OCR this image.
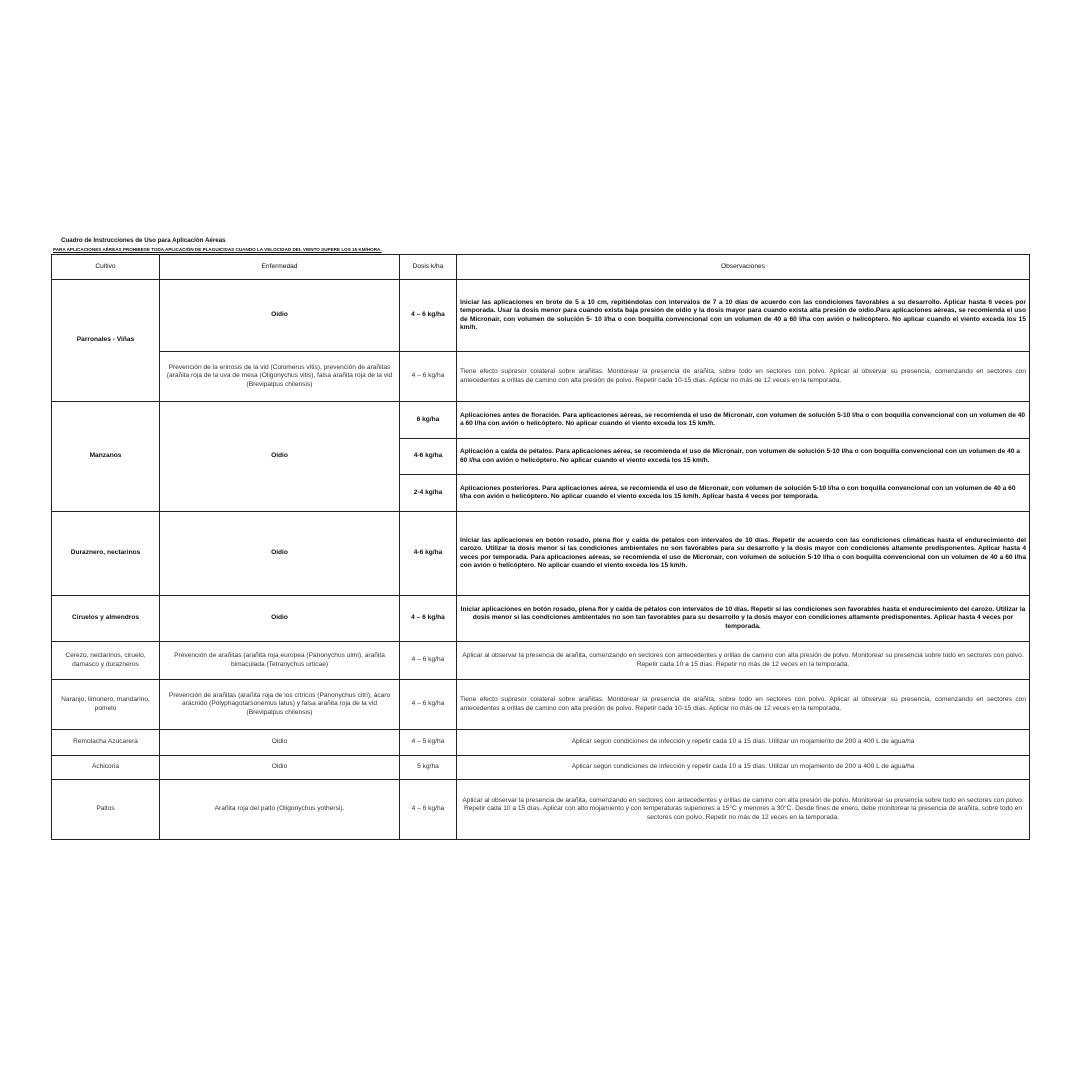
Cuadro de Instrucciones de Uso para Aplicación Aéreas
PARA APLICACIONES AÉREAS PROHIBESE TODA APLICACIÓN DE PLAGUICIDAS CUANDO LA VELOCIDAD DEL VIENTO SUPERE LOS 15 KM/HORA.
Cultivo	Enfermedad	Dosis k/ha	Observaciones
Parronales - Viñas	Oidio	4 – 6 kg/ha	Iniciar las aplicaciones en brote de 5 a 10 cm, repitiéndolas con intervalos de 7 a 10 días de acuerdo con las condiciones favorables a su desarrollo. Aplicar hasta 6 veces por temporada. Usar la dosis menor para cuando exista baja presión de oidio y la dosis mayor para cuando exista alta presión de oidio.Para aplicaciones aéreas, se recomienda el uso de Micronair, con volumen de solución 5- 10 l/ha o con boquilla convencional con un volumen de 40 a 60 l/ha con avión o helicóptero. No aplicar cuando el viento exceda los 15 km/h.
	Prevención de la erinosis de la vid (Colomerus vitis), prevención de arañitas (arañita roja de la uva de mesa (Oligonychus vitis), falsa arañita roja de la vid (Brevipalpus chilensis)	4 – 6 kg/ha	Tiene efecto supresor colateral sobre arañitas. Monitorear la presencia de arañita, sobre todo en sectores con polvo. Aplicar al observar su presencia, comenzando en sectores con antecedentes a orillas de camino con alta presión de polvo. Repetir cada 10-15 días. Aplicar no más de 12 veces en la temporada.
Manzanos	Oidio	6 kg/ha	Aplicaciones antes de floración. Para aplicaciones aéreas, se recomienda el uso de Micronair, con volumen de solución 5-10 l/ha o con boquilla convencional con un volumen de 40 a 60 l/ha con avión o helicóptero. No aplicar cuando el viento exceda los 15 km/h.
		4-6 kg/ha	Aplicación a caída de pétalos. Para aplicaciones aérea, se recomienda el uso de Micronair, con volumen de solución 5-10 l/ha o con boquilla convencional con un volumen de 40 a 60 l/ha con avión o helicóptero. No aplicar cuando el viento exceda los 15 km/h.
		2-4 kg/ha	Aplicaciones posteriores. Para aplicaciones aérea, se recomienda el uso de Micronair, con volumen de solución 5-10 l/ha o con boquilla convencional con un volumen de 40 a 60 l/ha con avión o helicóptero. No aplicar cuando el viento exceda los 15 km/h. Aplicar hasta 4 veces por temporada.
Duraznero, nectarinos	Oidio	4-6 kg/ha	Iniciar las aplicaciones en botón rosado, plena flor y caída de pétalos con intervalos de 10 días. Repetir de acuerdo con las condiciones climáticas hasta el endurecimiento del carozo. Utilizar la dosis menor si las condiciones ambientales no son favorables para su desarrollo y la dosis mayor con condiciones altamente predisponentes. Aplicar hasta 4 veces por temporada. Para aplicaciones aéreas, se recomienda el uso de Micronair, con volumen de solución 5-10 l/ha o con boquilla convencional con un volumen de 40 a 60 l/ha con avión o helicóptero. No aplicar cuando el viento exceda los 15 km/h.
Ciruelos y almendros	Oidio	4 – 6 kg/ha	Iniciar aplicaciones en botón rosado, plena flor y caída de pétalos con intervalos de 10 días. Repetir si las condiciones son favorables hasta el endurecimiento del carozo. Utilizar la dosis menor si las condiciones ambientales no son tan favorables para su desarrollo y la dosis mayor con condiciones altamente predisponentes. Aplicar hasta 4 veces por temporada.
Cerezo, nectarinos, ciruelo, damasco y durazneros	Prevención de arañitas (arañita roja europea (Panonychus ulmi), arañita bimaculada (Tetranychus urticae)	4 – 6 kg/ha	Aplicar al observar la presencia de arañita, comenzando en sectores con antecedentes y orillas de camino con alta presión de polvo. Monitorear su presencia sobre todo en sectores con polvo. Repetir cada 10 a 15 días. Repetir no más de 12 veces en la temporada.
Naranjo, limonero, mandarino, pomelo	Prevención de arañitas (arañita roja de los cítricos (Panonychus citri), ácaro arácnido (Polyphagotarsonemus latus) y falsa arañita roja de la vid (Brevipalpus chilensis)	4 – 6 kg/ha	Tiene efecto supresor colateral sobre arañitas. Monitorear la presencia de arañita, sobre todo en sectores con polvo. Aplicar al observar su presencia, comenzando en sectores con antecedentes a orillas de camino con alta presión de polvo. Repetir cada 10-15 días. Aplicar no más de 12 veces en la temporada.
Remolacha Azucarera	Oidio	4 – 5 kg/ha	Aplicar según condiciones de infección y repetir cada 10 a 15 días. Utilizar un mojamiento de 200 a 400 L de agua/ha
Achicoria	Oidio	5 kg/ha	Aplicar según condiciones de infección y repetir cada 10 a 15 días. Utilizar un mojamiento de 200 a 400 L de agua/ha
Paltos	Arañita roja del palto (Oligonychus yothersi).	4 – 6 kg/ha	Aplicar al observar la presencia de arañita, comenzando en sectores con antecedentes y orillas de camino con alta presión de polvo. Monitorear su presencia sobre todo en sectores con polvo. Repetir cada 10 a 15 días. Aplicar con alto mojamiento y con temperaturas superiores a 15°C y menores a 30°C. Desde fines de enero, debe monitorear la presencia de arañita, sobre todo en sectores con polvo. Repetir no más de 12 veces en la temporada.
